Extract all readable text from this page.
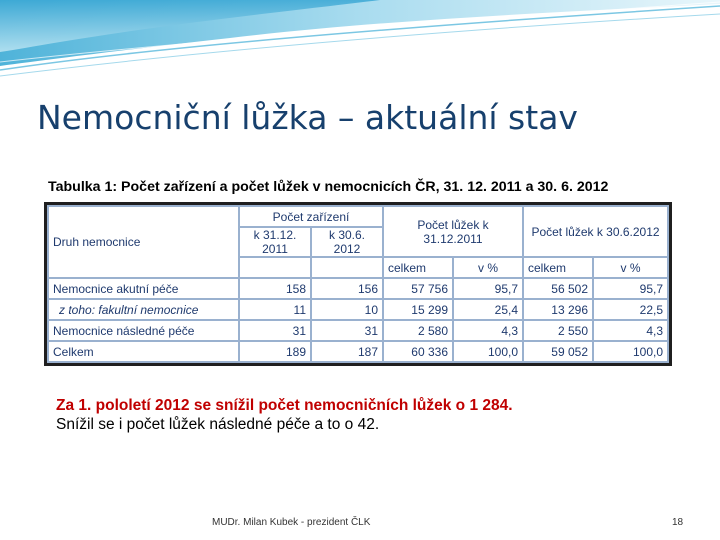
Nemocniční lůžka – aktuální stav
Tabulka 1: Počet zařízení a počet lůžek v nemocnicích ČR, 31. 12. 2011 a 30. 6. 2012
Druh nemocnice	Počet zařízení		Počet lůžek k 31.12.2011		Počet lůžek k 30.6.2012	
	k 31.12. 2011	k 30.6. 2012				
			celkem	v %	celkem	v %
Nemocnice akutní péče	158	156	57 756	95,7	56 502	95,7
z toho: fakultní nemocnice	11	10	15 299	25,4	13 296	22,5
Nemocnice následné péče	31	31	2 580	4,3	2 550	4,3
Celkem	189	187	60 336	100,0	59 052	100,0
Za 1. pololetí 2012 se snížil počet nemocničních lůžek o 1 284.
Snížil se i počet lůžek následné péče a to o 42.
MUDr. Milan Kubek - prezident ČLK	18
